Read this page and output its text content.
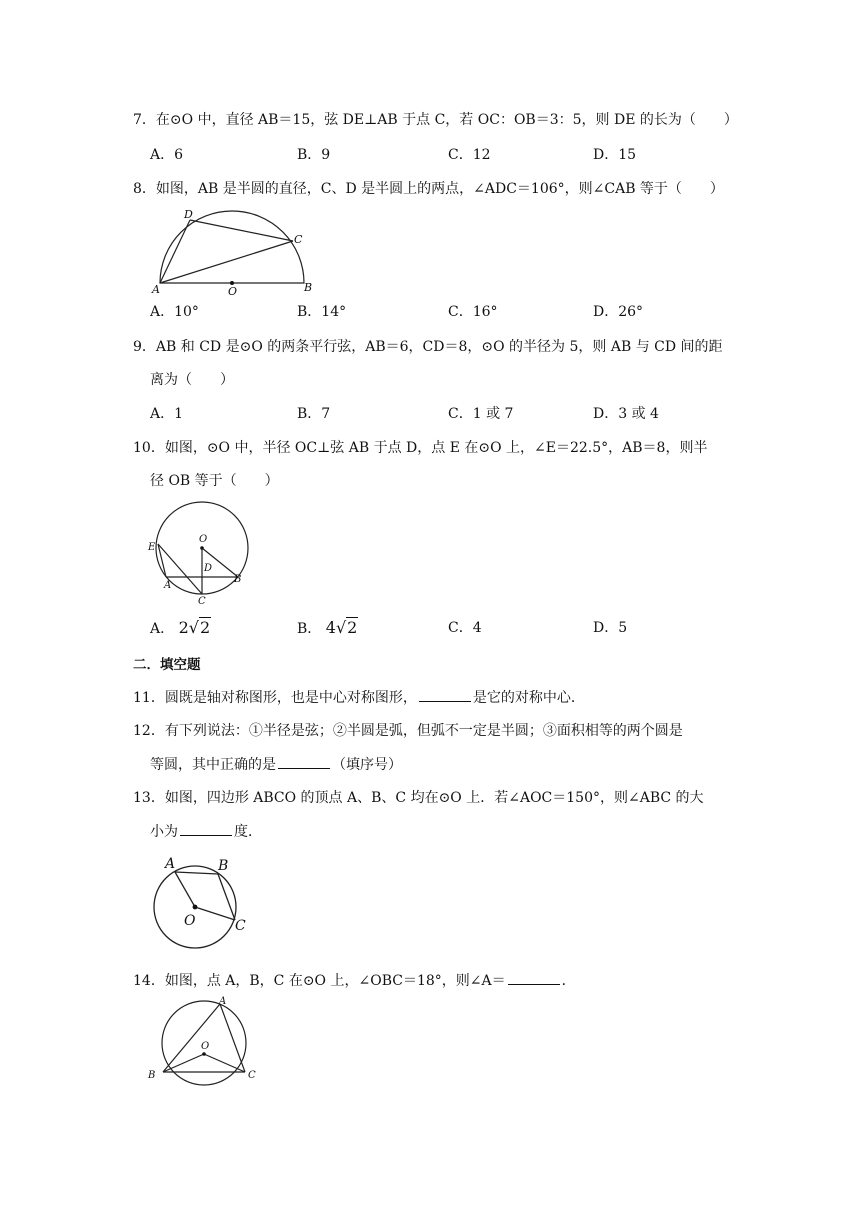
7．在⊙O 中，直径 AB＝15，弦 DE⊥AB 于点 C，若 OC：OB＝3：5，则 DE 的长为（　　）
A．6	B．9	C．12	D．15
8．如图，AB 是半圆的直径，C、D 是半圆上的两点，∠ADC＝106°，则∠CAB 等于（　　）
D
C
A	O	B
A．10°	B．14°	C．16°	D．26°
9．AB 和 CD 是⊙O 的两条平行弦，AB＝6，CD＝8，⊙O 的半径为 5，则 AB 与 CD 间的距
离为（　　）
A．1	B．7	C．1 或 7	D．3 或 4
10．如图，⊙O 中，半径 OC⊥弦 AB 于点 D，点 E 在⊙O 上，∠E＝22.5°，AB＝8，则半
径 OB 等于（　　）
E
O
D
A
B
C
A． 2√2	B． 4√2	C．4	D．5
二．填空题
11．圆既是轴对称图形，也是中心对称图形，	是它的对称中心．
12．有下列说法：①半径是弦；②半圆是弧，但弧不一定是半圆；③面积相等的两个圆是
等圆，其中正确的是	（填序号）
13．如图，四边形 ABCO 的顶点 A、B、C 均在⊙O 上．若∠AOC＝150°，则∠ABC 的大
小为	度．
A	B
O	C
14．如图，点 A，B，C 在⊙O 上，∠OBC＝18°，则∠A＝	．
A
O
B	C
